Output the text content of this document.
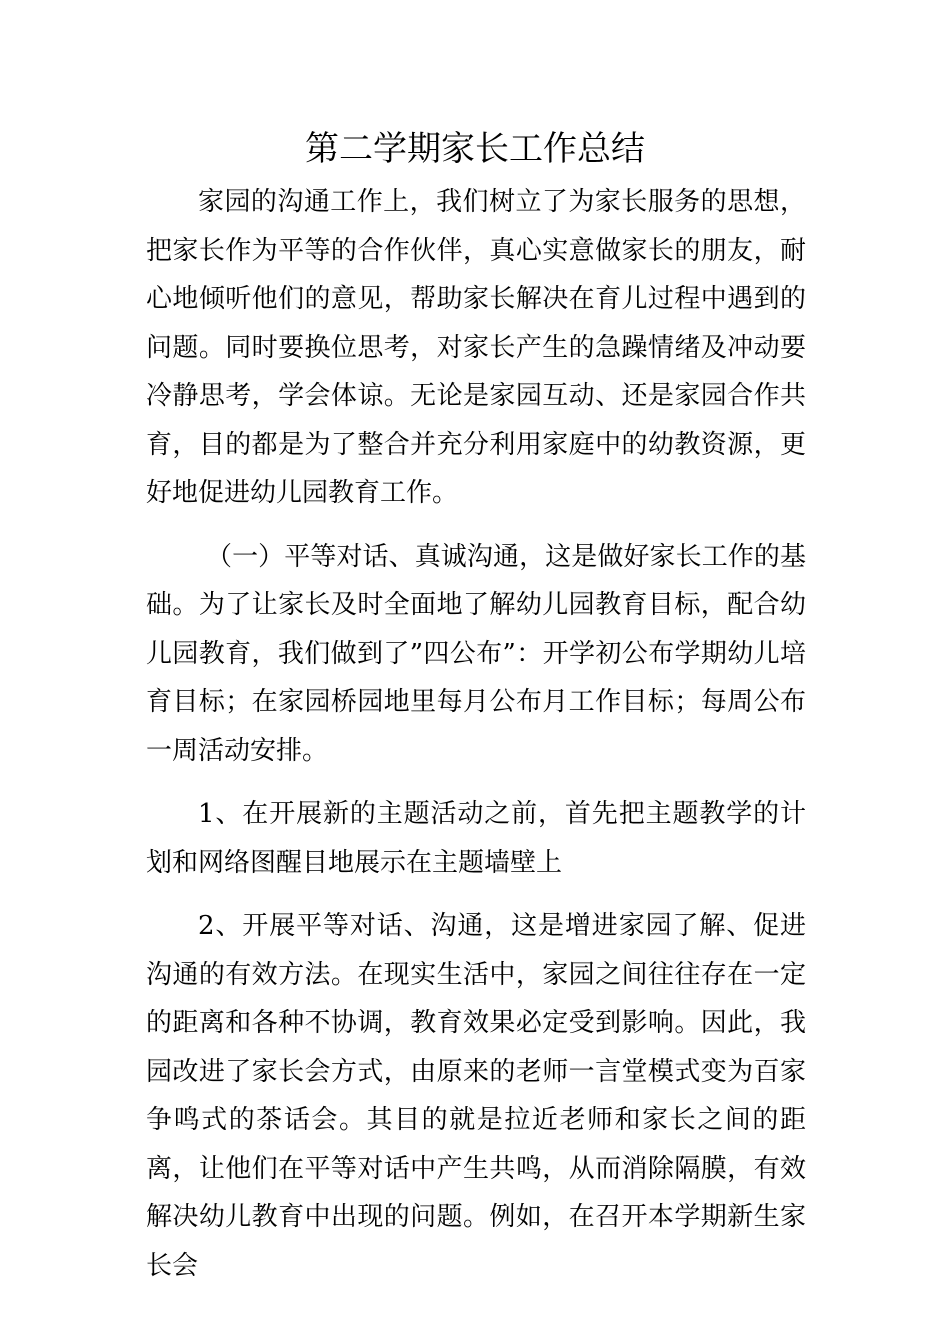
第二学期家长工作总结

家园的沟通工作上，我们树立了为家长服务的思想，把家长作为平等的合作伙伴，真心实意做家长的朋友，耐心地倾听他们的意见，帮助家长解决在育儿过程中遇到的问题。同时要换位思考，对家长产生的急躁情绪及冲动要冷静思考，学会体谅。无论是家园互动、还是家园合作共育，目的都是为了整合并充分利用家庭中的幼教资源，更好地促进幼儿园教育工作。

（一）平等对话、真诚沟通，这是做好家长工作的基础。为了让家长及时全面地了解幼儿园教育目标，配合幼儿园教育，我们做到了”四公布”：开学初公布学期幼儿培育目标；在家园桥园地里每月公布月工作目标；每周公布一周活动安排。

1、在开展新的主题活动之前，首先把主题教学的计划和网络图醒目地展示在主题墙壁上

2、开展平等对话、沟通，这是增进家园了解、促进沟通的有效方法。在现实生活中，家园之间往往存在一定的距离和各种不协调，教育效果必定受到影响。因此，我园改进了家长会方式，由原来的老师一言堂模式变为百家争鸣式的茶话会。其目的就是拉近老师和家长之间的距离，让他们在平等对话中产生共鸣，从而消除隔膜，有效解决幼儿教育中出现的问题。例如，在召开本学期新生家长会
